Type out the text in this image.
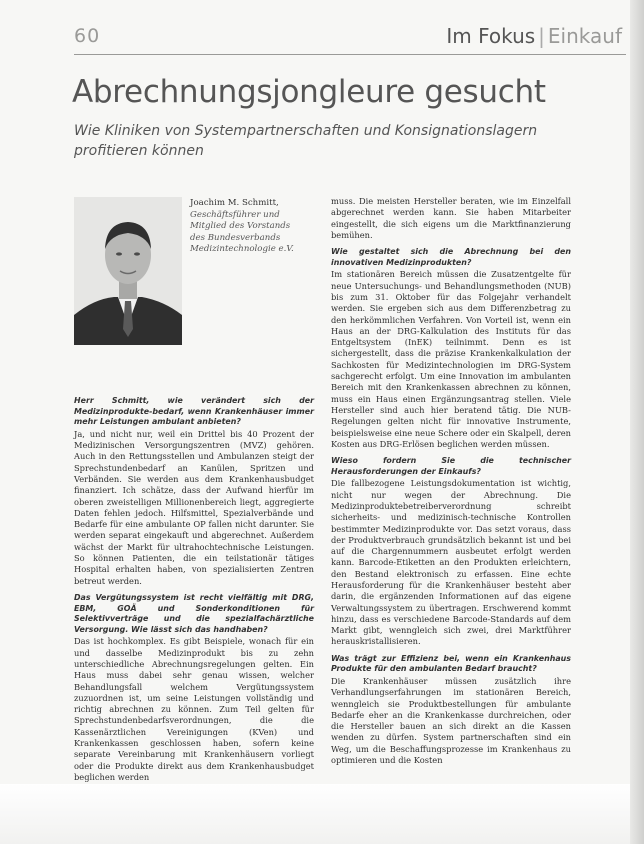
60	Im Fokus | Einkauf
Abrechnungsjongleure gesucht

Wie Kliniken von Systempartnerschaften und Konsignationslagern profitieren können

Joachim M. Schmitt,
Geschäftsführer und
Mitglied des Vorstands
des Bundesverbands
Medizintechnologie e.V.

Herr Schmitt, wie verändert sich der Medizinprodukte-bedarf, wenn Krankenhäuser immer mehr Leistungen ambulant anbieten?

Ja, und nicht nur, weil ein Drittel bis 40 Prozent der Medizinischen Versorgungszentren (MVZ) gehören. Auch in den Rettungsstellen und Ambulanzen steigt der Sprechstundenbedarf an Kanülen, Spritzen und Verbänden. Sie werden aus dem Krankenhausbudget finanziert. Ich schätze, dass der Aufwand hierfür im oberen zweistelligen Millionenbereich liegt, aggregierte Daten fehlen jedoch. Hilfsmittel, Spezialverbände und Bedarfe für eine ambulante OP fallen nicht darunter. Sie werden separat eingekauft und abgerechnet. Außerdem wächst der Markt für ultrahochtechnische Leistungen. So können Patienten, die ein teilstationär tätiges Hospital erhalten haben, von spezialisierten Zentren betreut werden.

Das Vergütungssystem ist recht vielfältig mit DRG, EBM, GOÄ und Sonderkonditionen für Selektivverträge und die spezialfachärztliche Versorgung. Wie lässt sich das handhaben?

Das ist hochkomplex. Es gibt Beispiele, wonach für ein und dasselbe Medizinprodukt bis zu zehn unterschiedliche Abrechnungsregelungen gelten. Ein Haus muss dabei sehr genau wissen, welcher Behandlungsfall welchem Vergütungssystem zuzuordnen ist, um seine Leistungen vollständig und richtig abrechnen zu können. Zum Teil gelten für Sprechstundenbedarfsverordnungen, die die Kassenärztlichen Vereinigungen (KVen) und Krankenkassen geschlossen haben, sofern keine separate Vereinbarung mit Krankenhäusern vorliegt oder die Produkte direkt aus dem Krankenhausbudget beglichen werden

muss. Die meisten Hersteller beraten, wie im Einzelfall abgerechnet werden kann. Sie haben Mitarbeiter eingestellt, die sich eigens um die Marktfinanzierung bemühen.

Wie gestaltet sich die Abrechnung bei den innovativen Medizinprodukten?

Im stationären Bereich müssen die Zusatzentgelte für neue Untersuchungs- und Behandlungsmethoden (NUB) bis zum 31. Oktober für das Folgejahr verhandelt werden. Sie ergeben sich aus dem Differenzbetrag zu den herkömmlichen Verfahren. Von Vorteil ist, wenn ein Haus an der DRG-Kalkulation des Instituts für das Entgeltsystem (InEK) teilnimmt. Denn es ist sichergestellt, dass die präzise Krankenkalkulation der Sachkosten für Medizintechnologien im DRG-System sachgerecht erfolgt. Um eine Innovation im ambulanten Bereich mit den Krankenkassen abrechnen zu können, muss ein Haus einen Ergänzungsantrag stellen. Viele Hersteller sind auch hier beratend tätig. Die NUB-Regelungen gelten nicht für innovative Instrumente, beispielsweise eine neue Schere oder ein Skalpell, deren Kosten aus DRG-Erlösen beglichen werden müssen.

Wieso fordern Sie die technischer Herausforderungen der Einkaufs?

Die fallbezogene Leistungsdokumentation ist wichtig, nicht nur wegen der Abrechnung. Die Medizinproduktebetreiberverordnung schreibt sicherheits- und medizinisch-technische Kontrollen bestimmter Medizinprodukte vor. Das setzt voraus, dass der Produktverbrauch grundsätzlich bekannt ist und bei auf die Chargennummern ausbeutet erfolgt werden kann. Barcode-Etiketten an den Produkten erleichtern, den Bestand elektronisch zu erfassen. Eine echte Herausforderung für die Krankenhäuser besteht aber darin, die ergänzenden Informationen auf das eigene Verwaltungssystem zu übertragen. Erschwerend kommt hinzu, dass es verschiedene Barcode-Standards auf dem Markt gibt, wenngleich sich zwei, drei Marktführer herauskristallisieren.

Was trägt zur Effizienz bei, wenn ein Krankenhaus Produkte für den ambulanten Bedarf braucht?

Die Krankenhäuser müssen zusätzlich ihre Verhandlungserfahrungen im stationären Bereich, wenngleich sie Produktbestellungen für ambulante Bedarfe eher an die Krankenkasse durchreichen, oder die Hersteller bauen an sich direkt an die Kassen wenden zu dürfen. System partnerschaften sind ein Weg, um die Beschaffungsprozesse im Krankenhaus zu optimieren und die Kosten
